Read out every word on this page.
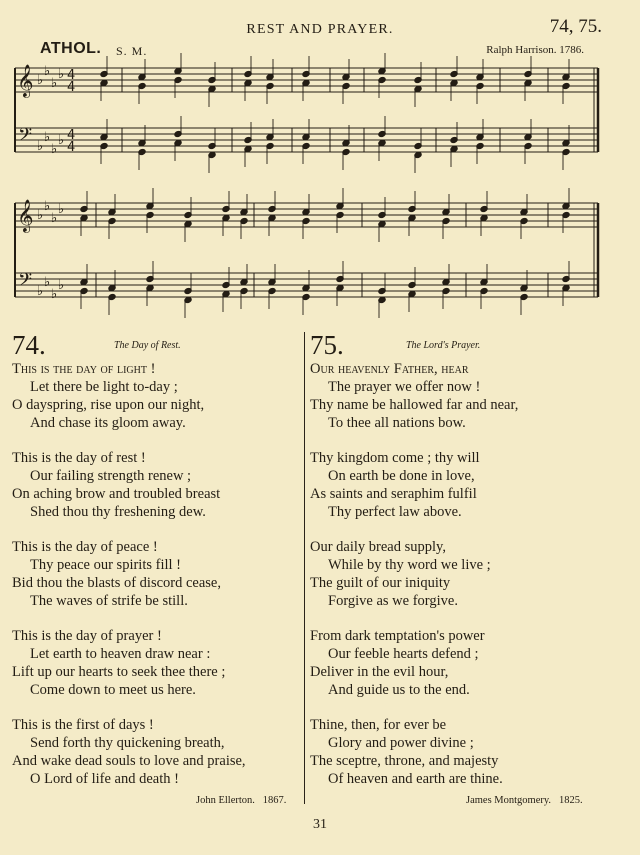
REST AND PRAYER.	74, 75.
ATHOL. S. M.	Ralph Harrison. 1786.
𝄞
𝄢
♭
♭
♭
♭
♭
♭
♭
♭
4
4
4
4
𝄞
𝄢
♭
♭
♭
♭
♭
♭
♭
♭
74.	The Day of Rest.
This is the day of light !
Let there be light to-day ;
O dayspring, rise upon our night,
And chase its gloom away.
This is the day of rest !
Our failing strength renew ;
On aching brow and troubled breast
Shed thou thy freshening dew.
This is the day of peace !
Thy peace our spirits fill !
Bid thou the blasts of discord cease,
The waves of strife be still.
This is the day of prayer !
Let earth to heaven draw near :
Lift up our hearts to seek thee there ;
Come down to meet us here.
This is the first of days !
Send forth thy quickening breath,
And wake dead souls to love and praise,
O Lord of life and death !
John Ellerton. 1867.
75.	The Lord's Prayer.
Our heavenly Father, hear
The prayer we offer now !
Thy name be hallowed far and near,
To thee all nations bow.
Thy kingdom come ; thy will
On earth be done in love,
As saints and seraphim fulfil
Thy perfect law above.
Our daily bread supply,
While by thy word we live ;
The guilt of our iniquity
Forgive as we forgive.
From dark temptation's power
Our feeble hearts defend ;
Deliver in the evil hour,
And guide us to the end.
Thine, then, for ever be
Glory and power divine ;
The sceptre, throne, and majesty
Of heaven and earth are thine.
James Montgomery. 1825.
31
